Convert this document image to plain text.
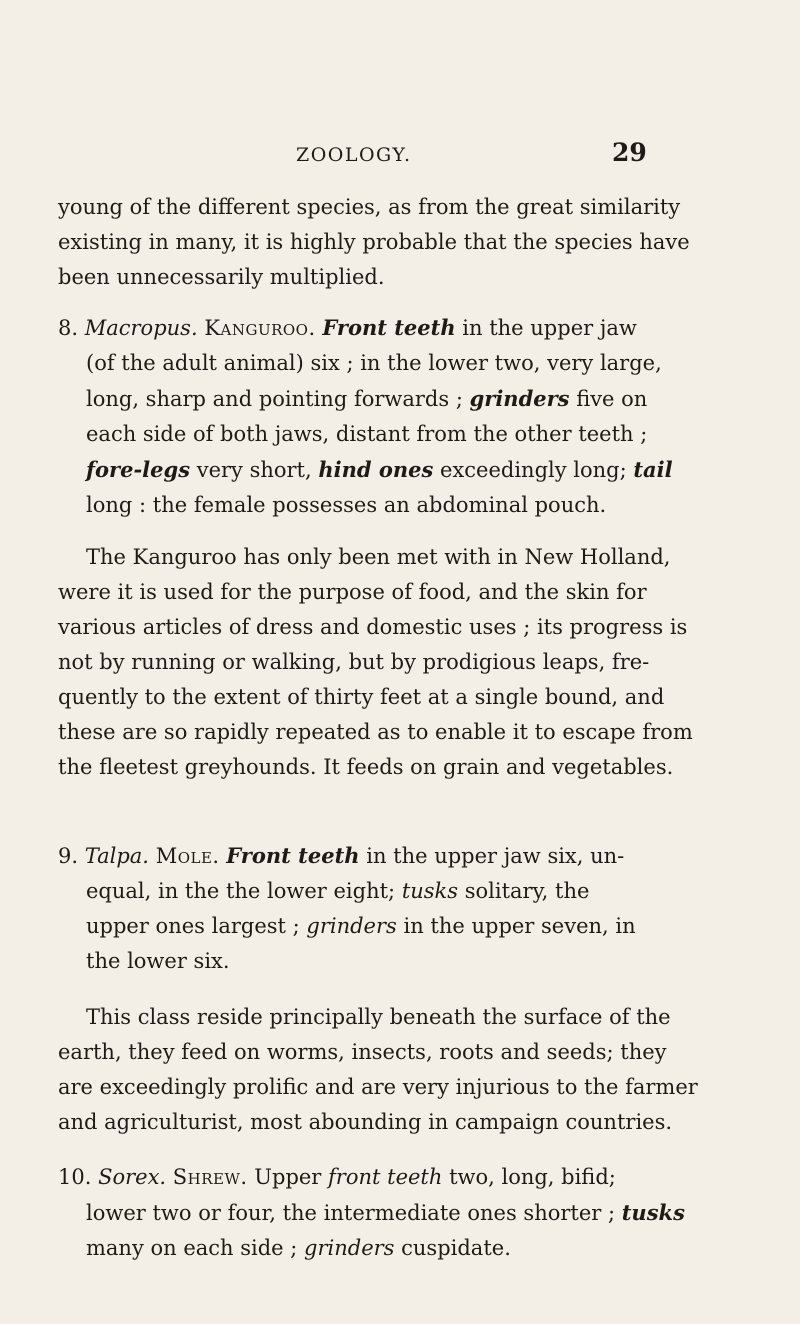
ZOOLOGY.	29

young of the different species, as from the great similarity
existing in many, it is highly probable that the species have
been unnecessarily multiplied.

8. Macropus. Kanguroo. Front teeth in the upper jaw
(of the adult animal) six ; in the lower two, very large,
long, sharp and pointing forwards ; grinders five on
each side of both jaws, distant from the other teeth ;
fore-legs very short, hind ones exceedingly long; tail
long : the female possesses an abdominal pouch.

The Kanguroo has only been met with in New Holland,
were it is used for the purpose of food, and the skin for
various articles of dress and domestic uses ; its progress is
not by running or walking, but by prodigious leaps, fre-
quently to the extent of thirty feet at a single bound, and
these are so rapidly repeated as to enable it to escape from
the fleetest greyhounds. It feeds on grain and vegetables.

9. Talpa. Mole. Front teeth in the upper jaw six, un-
equal, in the the lower eight; tusks solitary, the
upper ones largest ; grinders in the upper seven, in
the lower six.

This class reside principally beneath the surface of the
earth, they feed on worms, insects, roots and seeds; they
are exceedingly prolific and are very injurious to the farmer
and agriculturist, most abounding in campaign countries.

10. Sorex. Shrew. Upper front teeth two, long, bifid;
lower two or four, the intermediate ones shorter ; tusks
many on each side ; grinders cuspidate.
